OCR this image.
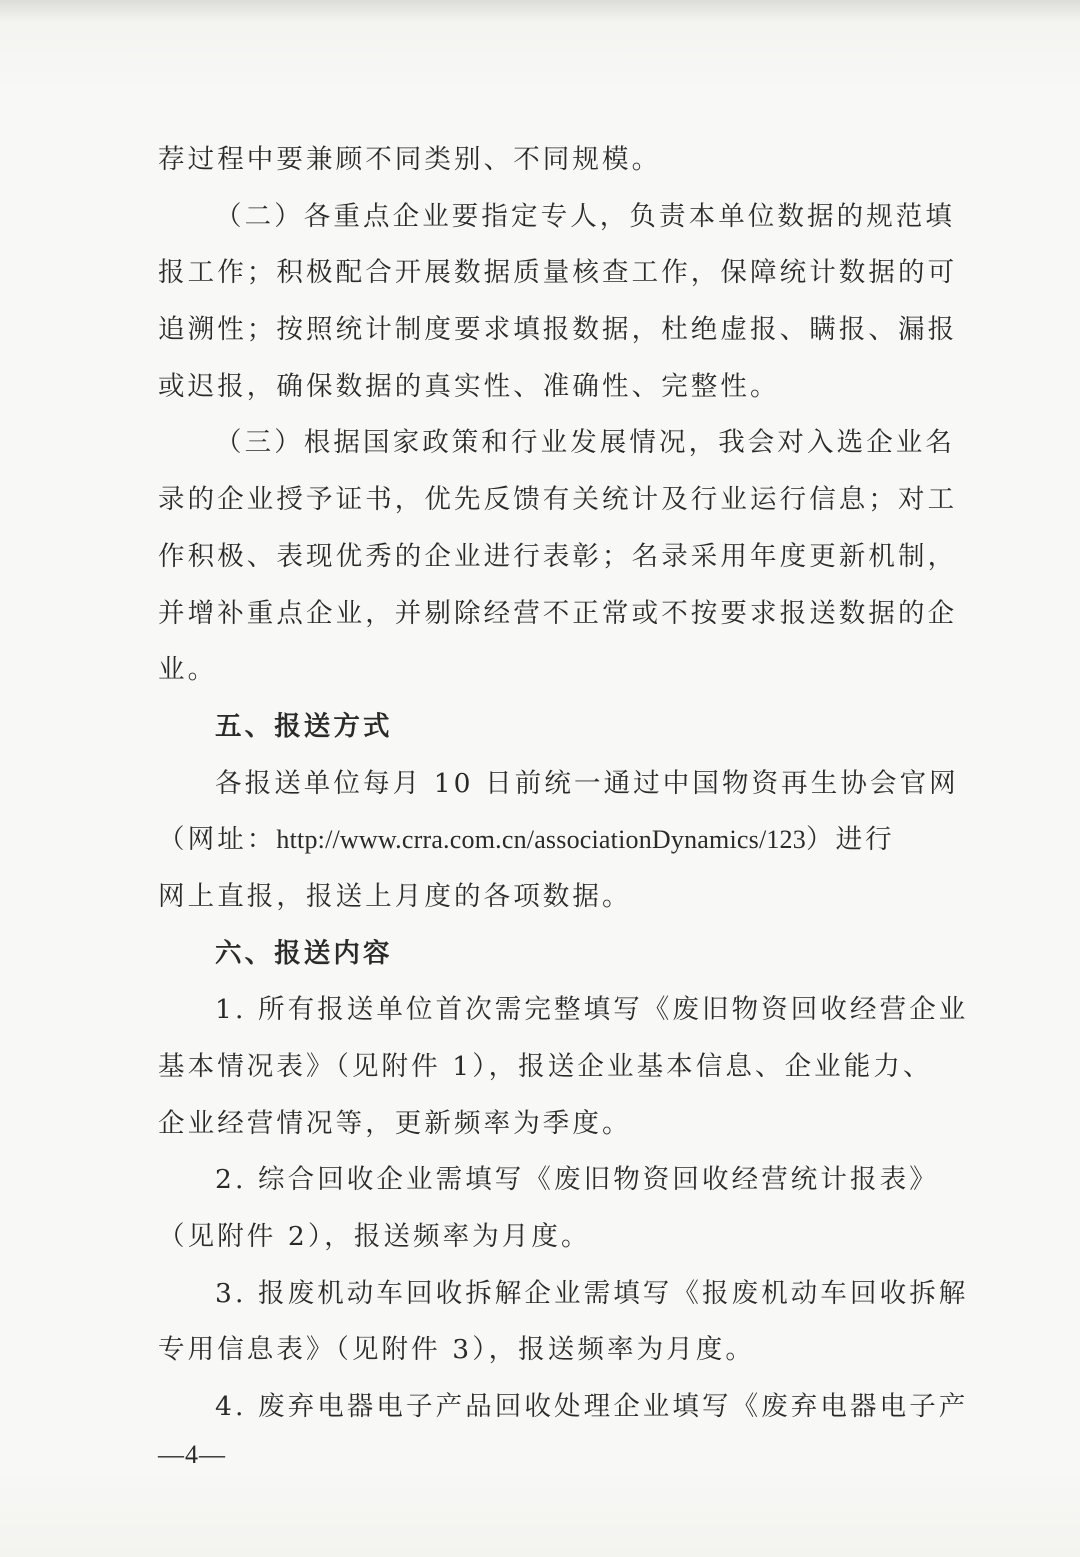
荐过程中要兼顾不同类别、不同规模。
（二）各重点企业要指定专人，负责本单位数据的规范填
报工作；积极配合开展数据质量核查工作，保障统计数据的可
追溯性；按照统计制度要求填报数据，杜绝虚报、瞒报、漏报
或迟报，确保数据的真实性、准确性、完整性。
（三）根据国家政策和行业发展情况，我会对入选企业名
录的企业授予证书，优先反馈有关统计及行业运行信息；对工
作积极、表现优秀的企业进行表彰；名录采用年度更新机制，
并增补重点企业，并剔除经营不正常或不按要求报送数据的企
业。
五、报送方式
各报送单位每月 10 日前统一通过中国物资再生协会官网
（网址：http://www.crra.com.cn/associationDynamics/123）进行
网上直报，报送上月度的各项数据。
六、报送内容
1. 所有报送单位首次需完整填写《废旧物资回收经营企业
基本情况表》（见附件 1），报送企业基本信息、企业能力、
企业经营情况等，更新频率为季度。
2. 综合回收企业需填写《废旧物资回收经营统计报表》
（见附件 2），报送频率为月度。
3. 报废机动车回收拆解企业需填写《报废机动车回收拆解
专用信息表》（见附件 3），报送频率为月度。
4. 废弃电器电子产品回收处理企业填写《废弃电器电子产
—4—
